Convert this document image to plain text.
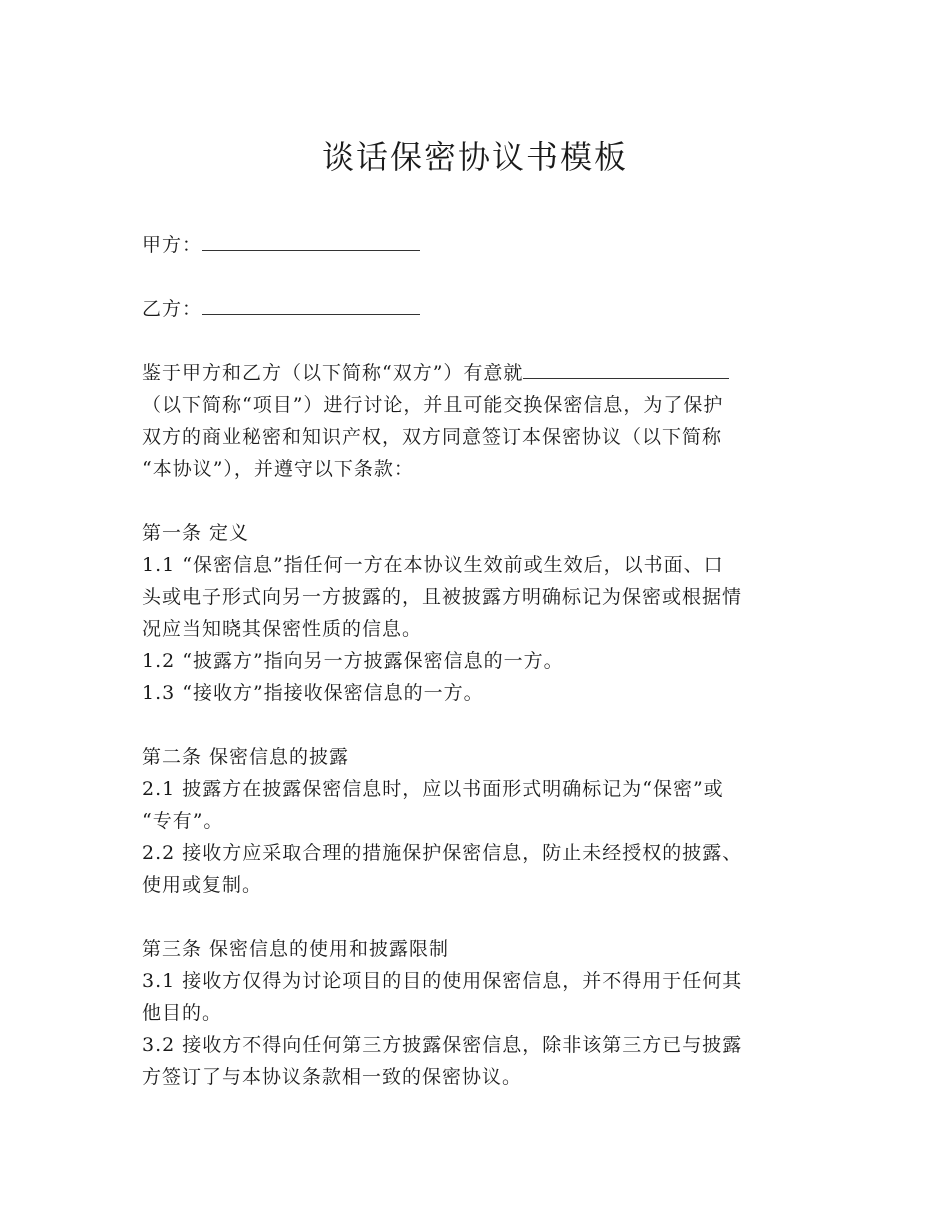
谈话保密协议书模板
甲方：
乙方：
鉴于甲方和乙方（以下简称“双方”）有意就
（以下简称“项目”）进行讨论，并且可能交换保密信息，为了保护
双方的商业秘密和知识产权，双方同意签订本保密协议（以下简称
“本协议”），并遵守以下条款：
第一条 定义
1.1 “保密信息”指任何一方在本协议生效前或生效后，以书面、口
头或电子形式向另一方披露的，且被披露方明确标记为保密或根据情
况应当知晓其保密性质的信息。
1.2 “披露方”指向另一方披露保密信息的一方。
1.3 “接收方”指接收保密信息的一方。
第二条 保密信息的披露
2.1 披露方在披露保密信息时，应以书面形式明确标记为“保密”或
“专有”。
2.2 接收方应采取合理的措施保护保密信息，防止未经授权的披露、
使用或复制。
第三条 保密信息的使用和披露限制
3.1 接收方仅得为讨论项目的目的使用保密信息，并不得用于任何其
他目的。
3.2 接收方不得向任何第三方披露保密信息，除非该第三方已与披露
方签订了与本协议条款相一致的保密协议。
